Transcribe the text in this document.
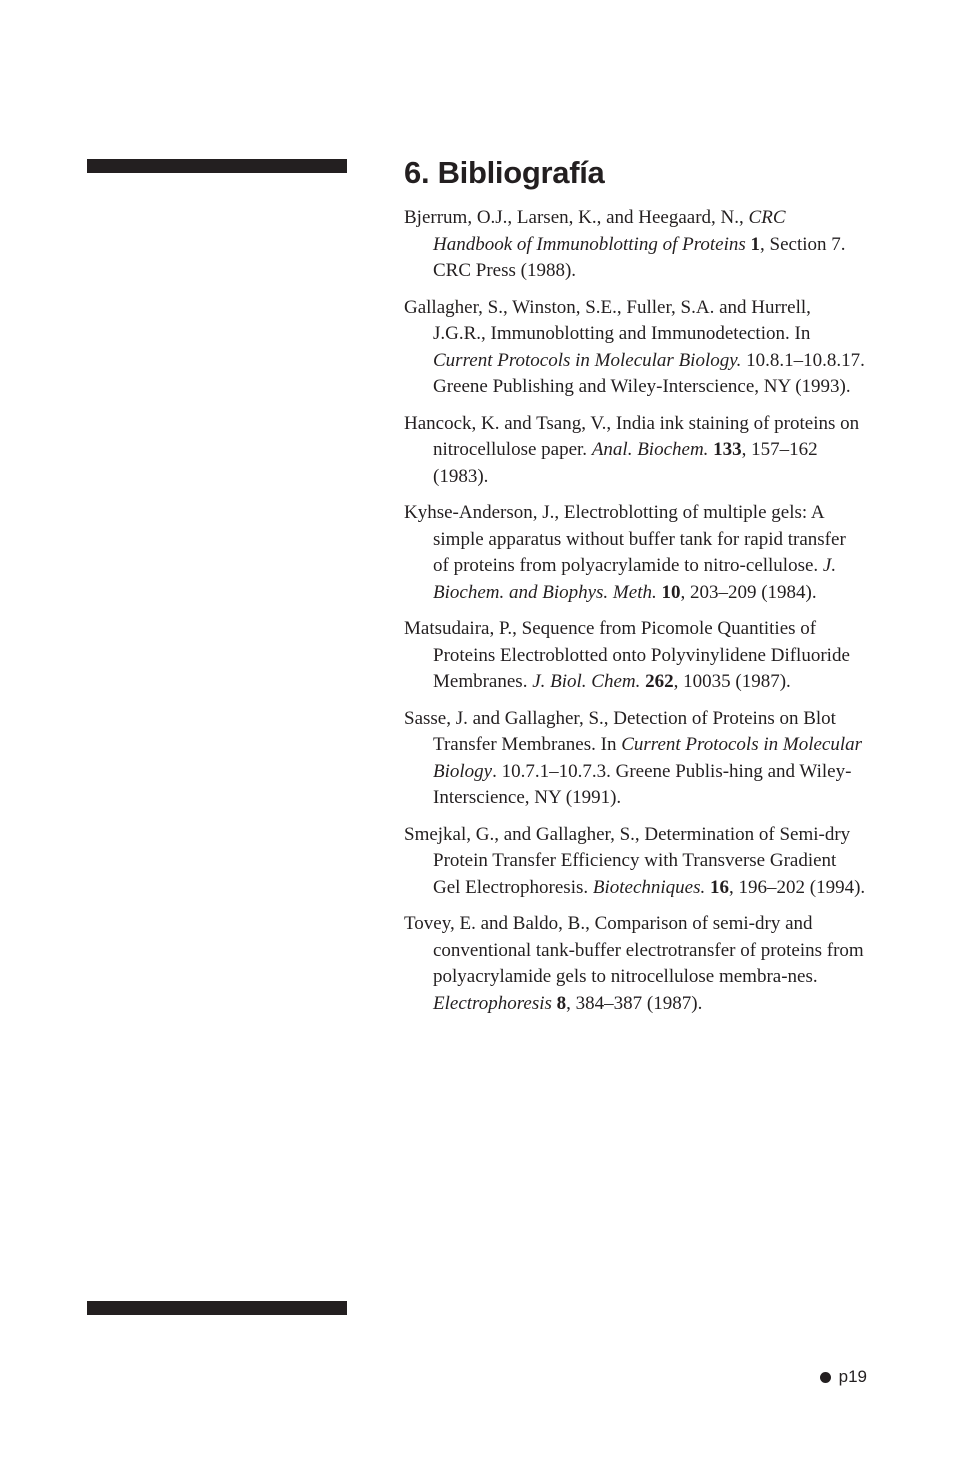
6. Bibliografía
Bjerrum, O.J., Larsen, K., and Heegaard, N., CRC Handbook of Immunoblotting of Proteins 1, Section 7. CRC Press (1988).
Gallagher, S., Winston, S.E., Fuller, S.A. and Hurrell, J.G.R., Immunoblotting and Immunodetection. In Current Protocols in Molecular Biology. 10.8.1–10.8.17. Greene Publishing and Wiley-Interscience, NY (1993).
Hancock, K. and Tsang, V., India ink staining of proteins on nitrocellulose paper. Anal. Biochem. 133, 157–162 (1983).
Kyhse-Anderson, J., Electroblotting of multiple gels: A simple apparatus without buffer tank for rapid transfer of proteins from polyacrylamide to nitro-cellulose. J. Biochem. and Biophys. Meth. 10, 203–209 (1984).
Matsudaira, P., Sequence from Picomole Quantities of Proteins Electroblotted onto Polyvinylidene Difluoride Membranes. J. Biol. Chem. 262, 10035 (1987).
Sasse, J. and Gallagher, S., Detection of Proteins on Blot Transfer Membranes. In Current Protocols in Molecular Biology. 10.7.1–10.7.3. Greene Publis-hing and Wiley-Interscience, NY (1991).
Smejkal, G., and Gallagher, S., Determination of Semi-dry Protein Transfer Efficiency with Transverse Gradient Gel Electrophoresis. Biotechniques. 16, 196–202 (1994).
Tovey, E. and Baldo, B., Comparison of semi-dry and conventional tank-buffer electrotransfer of proteins from polyacrylamide gels to nitrocellulose membra-nes. Electrophoresis 8, 384–387 (1987).
p19
